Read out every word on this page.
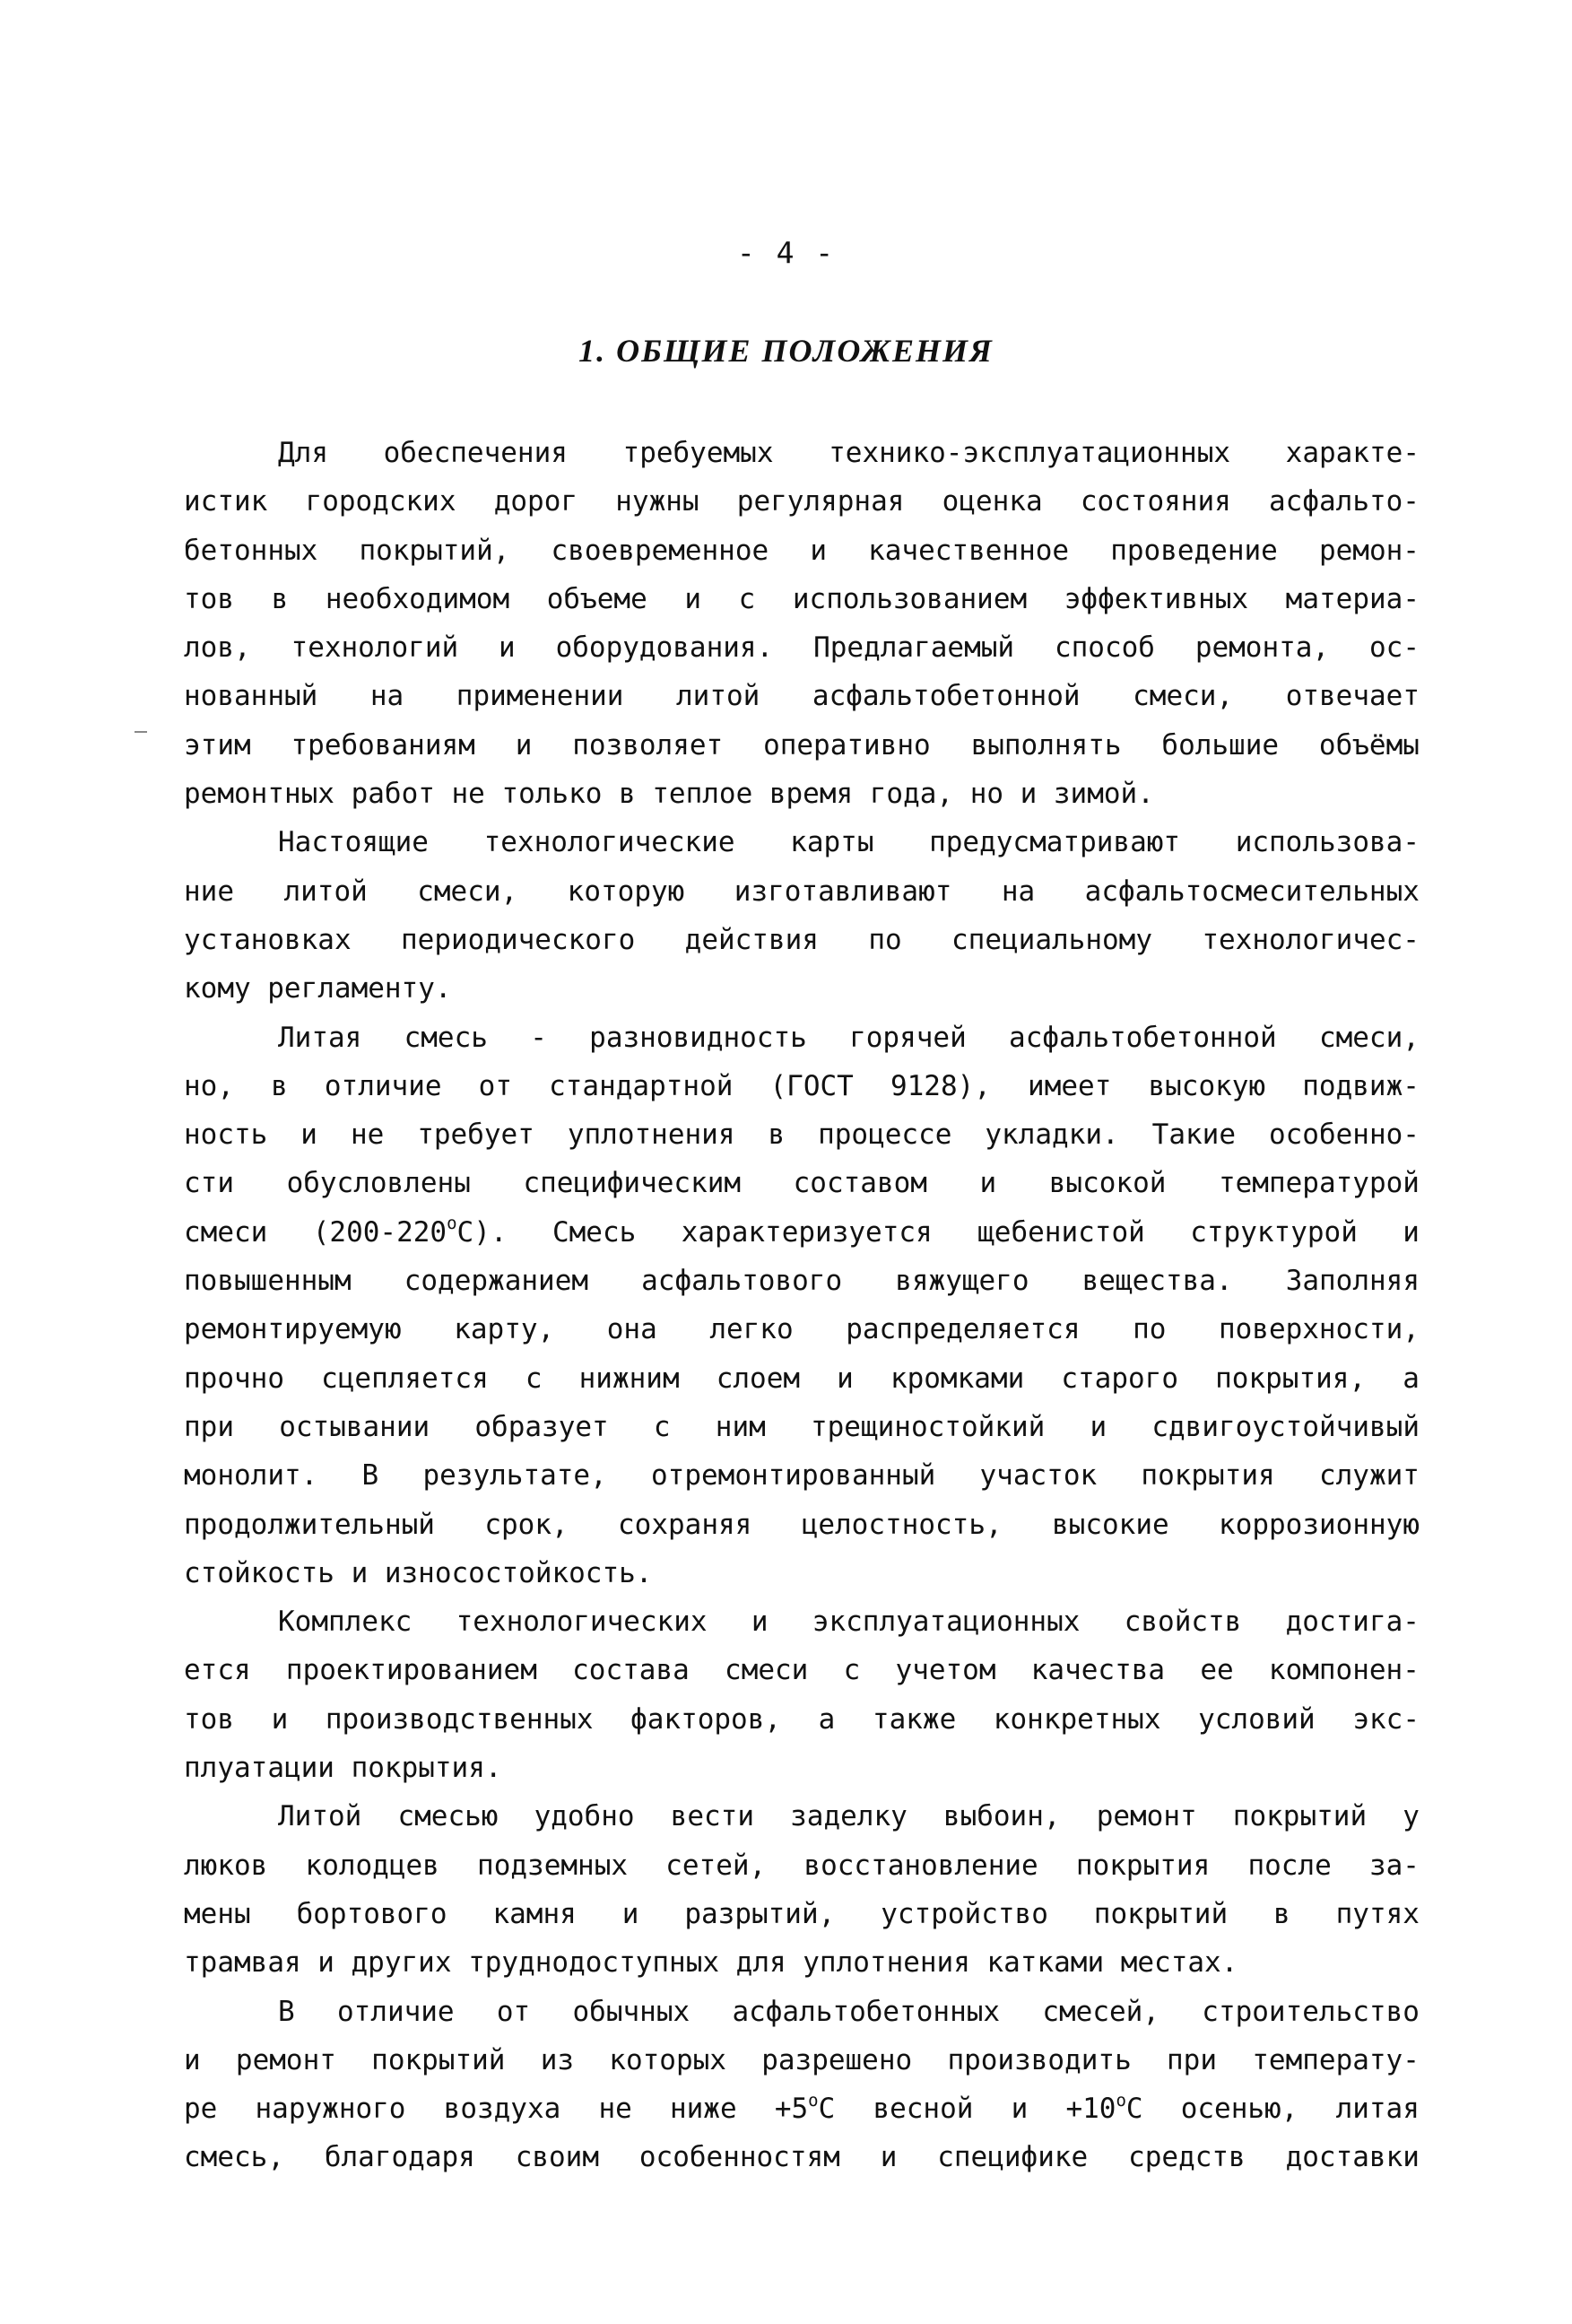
- 4 -
1. ОБЩИЕ ПОЛОЖЕНИЯ
Для обеспечения требуемых технико-эксплуатационных характе-
истик городских дорог нужны регулярная оценка состояния асфальто-
бетонных покрытий, своевременное и качественное проведение ремон-
тов в необходимом объеме и с использованием эффективных материа-
лов, технологий и оборудования. Предлагаемый способ ремонта, ос-
нованный на применении литой асфальтобетонной смеси, отвечает
этим требованиям и позволяет оперативно выполнять большие объёмы
ремонтных работ не только в теплое время года, но и зимой.
Настоящие технологические карты предусматривают использова-
ние литой смеси, которую изготавливают на асфальтосмесительных
установках периодического действия по специальному технологичес-
кому регламенту.
Литая смесь - разновидность горячей асфальтобетонной смеси,
но, в отличие от стандартной (ГОСТ 9128), имеет высокую подвиж-
ность и не требует уплотнения в процессе укладки. Такие особенно-
сти обусловлены специфическим составом и высокой температурой
смеси (200-220$^o$С). Смесь характеризуется щебенистой структурой и
повышенным содержанием асфальтового вяжущего вещества. Заполняя
ремонтируемую карту, она легко распределяется по поверхности,
прочно сцепляется с нижним слоем и кромками старого покрытия, а
при остывании образует с ним трещиностойкий и сдвигоустойчивый
монолит. В результате, отремонтированный участок покрытия служит
продолжительный срок, сохраняя целостность, высокие коррозионную
стойкость и износостойкость.
Комплекс технологических и эксплуатационных свойств достига-
ется проектированием состава смеси с учетом качества ее компонен-
тов и производственных факторов, а также конкретных условий экс-
плуатации покрытия.
Литой смесью удобно вести заделку выбоин, ремонт покрытий у
люков колодцев подземных сетей, восстановление покрытия после за-
мены бортового камня и разрытий, устройство покрытий в путях
трамвая и других труднодоступных для уплотнения катками местах.
В отличие от обычных асфальтобетонных смесей, строительство
и ремонт покрытий из которых разрешено производить при температу-
ре наружного воздуха не ниже $+5^oС$ весной $и +10^oС$ осенью, литая
смесь, благодаря своим особенностям и специфике средств доставки
